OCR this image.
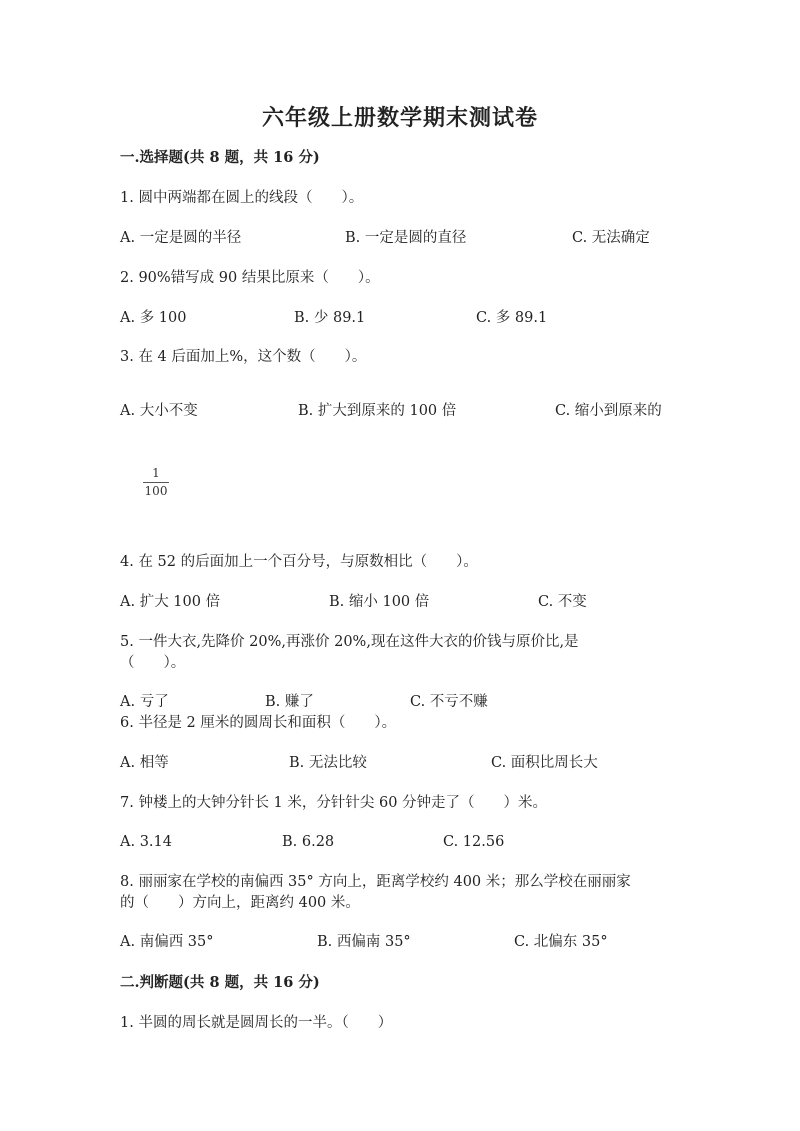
六年级上册数学期末测试卷
一.选择题(共 8 题，共 16 分)
1. 圆中两端都在圆上的线段（　　）。
A. 一定是圆的半径	B. 一定是圆的直径	C. 无法确定
2. 90%错写成 90 结果比原来（　　）。
A. 多 100	B. 少 89.1	C. 多 89.1
3. 在 4 后面加上%，这个数（　　）。
A. 大小不变	B. 扩大到原来的 100 倍	C. 缩小到原来的
1
100
4. 在 52 的后面加上一个百分号，与原数相比（　　）。
A. 扩大 100 倍	B. 缩小 100 倍	C. 不变
5. 一件大衣,先降价 20%,再涨价 20%,现在这件大衣的价钱与原价比,是
（　　）。
A. 亏了	B. 赚了	C. 不亏不赚
6. 半径是 2 厘米的圆周长和面积（　　）。
A. 相等	B. 无法比较	C. 面积比周长大
7. 钟楼上的大钟分针长 1 米，分针针尖 60 分钟走了（　　）米。
A. 3.14	B. 6.28	C. 12.56
8. 丽丽家在学校的南偏西 35° 方向上，距离学校约 400 米；那么学校在丽丽家
的（　　）方向上，距离约 400 米。
A. 南偏西 35°	B. 西偏南 35°	C. 北偏东 35°
二.判断题(共 8 题，共 16 分)
1. 半圆的周长就是圆周长的一半。（　　）
